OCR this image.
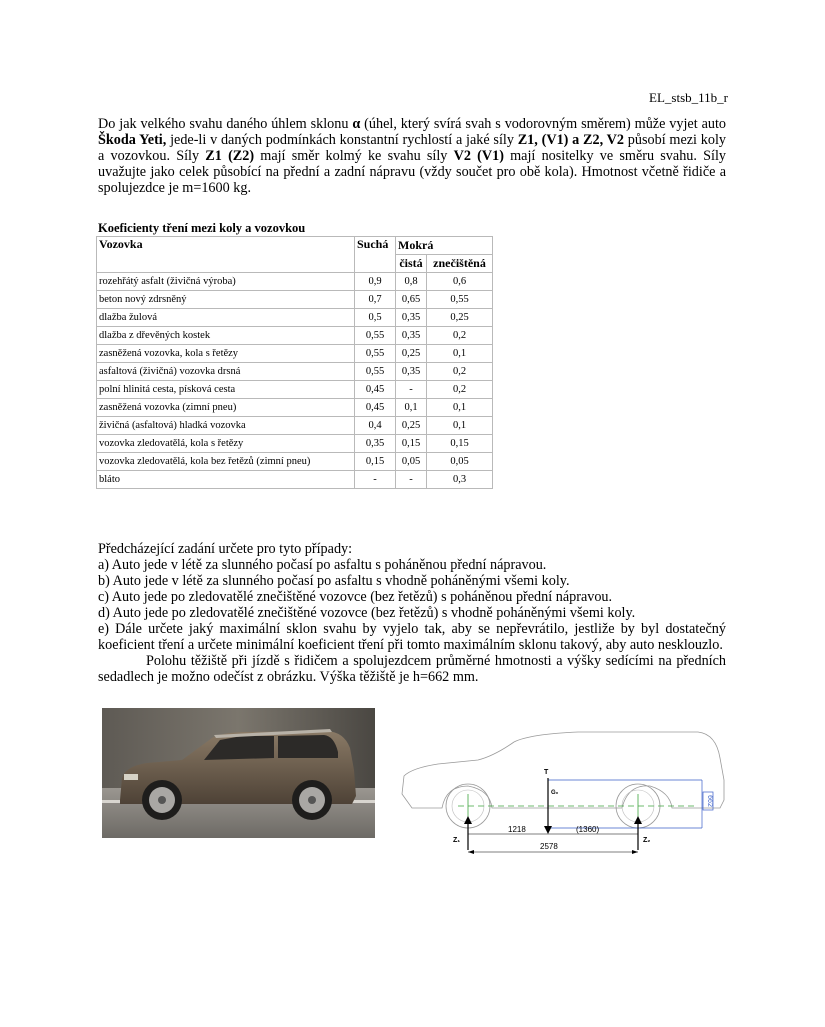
EL_stsb_11b_r
Do jak velkého svahu daného úhlem sklonu α (úhel, který svírá svah s vodorovným směrem) může vyjet auto Škoda Yeti, jede-li v daných podmínkách konstantní rychlostí a jaké síly Z1, (V1) a Z2, V2 působí mezi koly a vozovkou. Síly Z1 (Z2) mají směr kolmý ke svahu síly V2 (V1) mají nositelky ve směru svahu. Síly uvažujte jako celek působící na přední a zadní nápravu (vždy součet pro obě kola). Hmotnost včetně řidiče a spolujezdce je m=1600 kg.
Koeficienty tření mezi koly a vozovkou
Vozovka	Suchá	Mokrá	
		čistá	znečištěná
rozehřátý asfalt (živičná výroba)	0,9	0,8	0,6
beton nový zdrsněný	0,7	0,65	0,55
dlažba žulová	0,5	0,35	0,25
dlažba z dřevěných kostek	0,55	0,35	0,2
zasněžená vozovka, kola s řetězy	0,55	0,25	0,1
asfaltová (živičná) vozovka drsná	0,55	0,35	0,2
polní hlinitá cesta, písková cesta	0,45	-	0,2
zasněžená vozovka (zimní pneu)	0,45	0,1	0,1
živičná (asfaltová) hladká vozovka	0,4	0,25	0,1
vozovka zledovatělá, kola s řetězy	0,35	0,15	0,15
vozovka zledovatělá, kola bez řetězů (zimní pneu)	0,15	0,05	0,05
bláto	-	-	0,3
Předcházející zadání určete pro tyto případy:
a) Auto jede v létě za slunného počasí po asfaltu s poháněnou přední nápravou.
b) Auto jede v létě za slunného počasí po asfaltu s vhodně poháněnými všemi koly.
c) Auto jede po zledovatělé znečištěné vozovce (bez řetězů) s poháněnou přední nápravou.
d) Auto jede po zledovatělé znečištěné vozovce (bez řetězů) s vhodně poháněnými všemi koly.
e) Dále určete jaký maximální sklon svahu by vyjelo tak, aby se nepřevrátilo, jestliže by byl dostatečný koeficient tření a určete minimální koeficient tření při tomto maximálním sklonu takový, aby auto nesklouzlo.
Polohu těžiště při jízdě s řidičem a spolujezdcem průměrné hmotnosti a výšky sedícími na předních sedadlech je možno odečíst z obrázku. Výška těžiště je h=662 mm.
662
T
G₀
Z₁	Z₂
1218	(1360)
2578
